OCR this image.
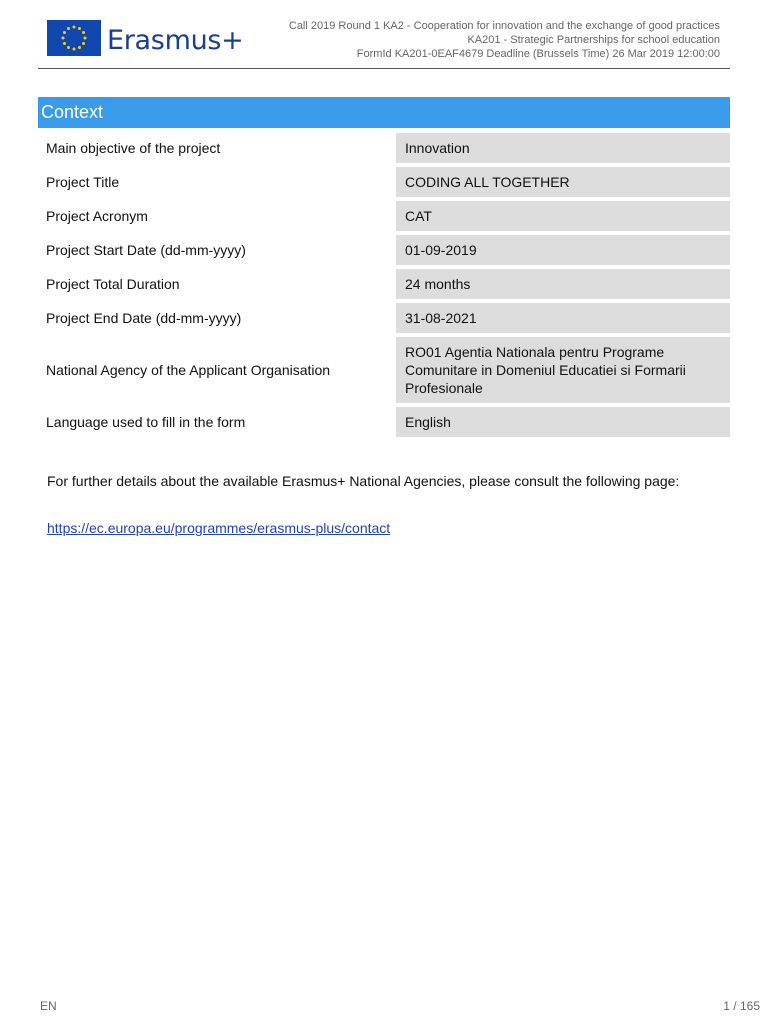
Erasmus+	Call 2019 Round 1 KA2 - Cooperation for innovation and the exchange of good practices
KA201 - Strategic Partnerships for school education
FormId KA201-0EAF4679 Deadline (Brussels Time) 26 Mar 2019 12:00:00
Context
Main objective of the project	Innovation
Project Title	CODING ALL TOGETHER
Project Acronym	CAT
Project Start Date (dd-mm-yyyy)	01-09-2019
Project Total Duration	24 months
Project End Date (dd-mm-yyyy)	31-08-2021
National Agency of the Applicant Organisation	RO01 Agentia Nationala pentru Programe Comunitare in Domeniul Educatiei si Formarii Profesionale
Language used to fill in the form	English
For further details about the available Erasmus+ National Agencies, please consult the following page:
https://ec.europa.eu/programmes/erasmus-plus/contact
EN	1 / 165
